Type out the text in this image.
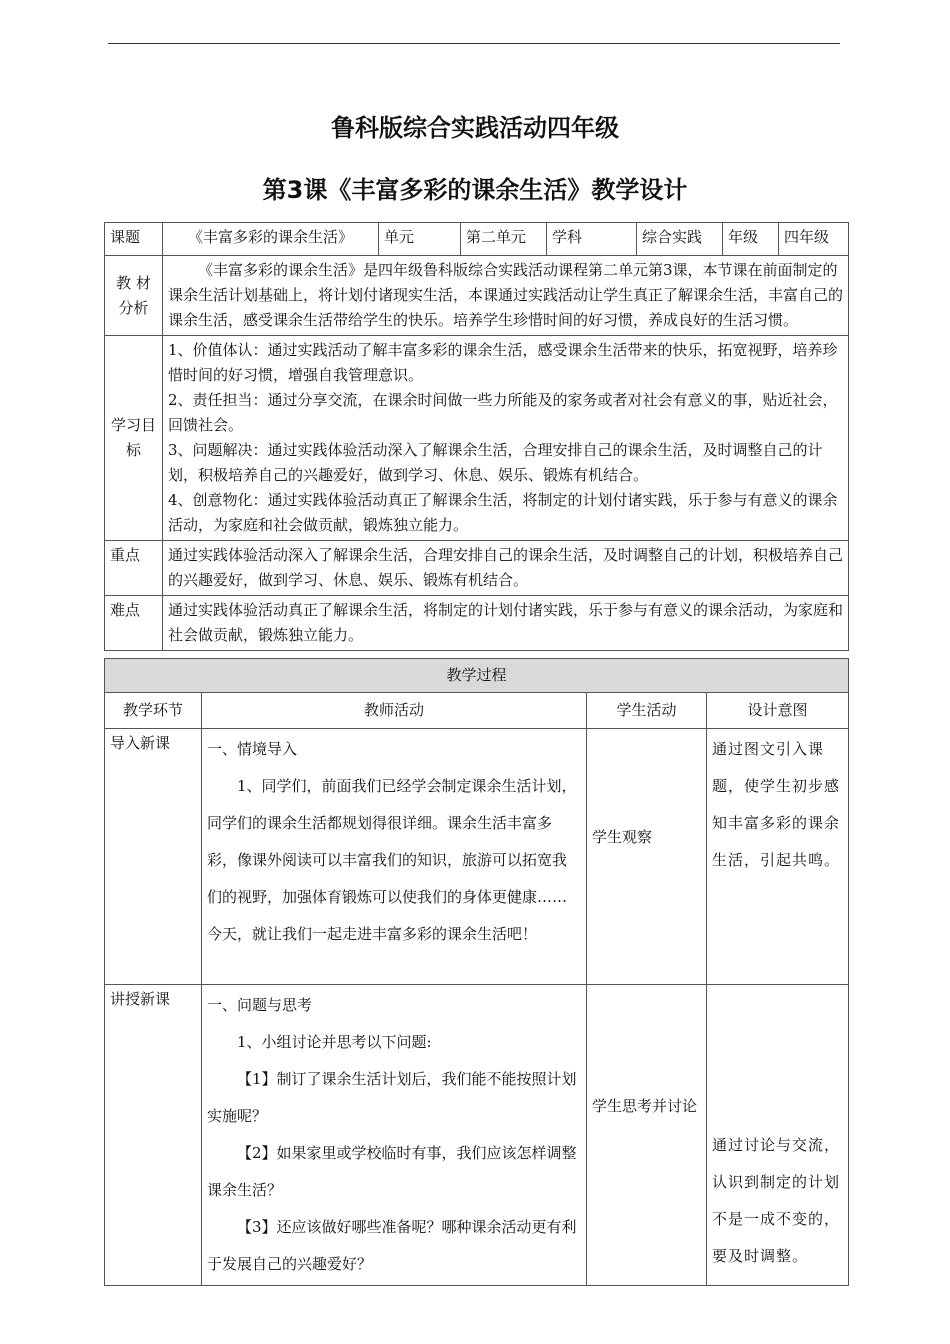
鲁科版综合实践活动四年级
第3课《丰富多彩的课余生活》教学设计
课题	《丰富多彩的课余生活》	单元	第二单元	学科	综合实践	年级	四年级
教 材分析	《丰富多彩的课余生活》是四年级鲁科版综合实践活动课程第二单元第3课，本节课在前面制定的课余生活计划基础上，将计划付诸现实生活，本课通过实践活动让学生真正了解课余生活，丰富自己的课余生活，感受课余生活带给学生的快乐。培养学生珍惜时间的好习惯，养成良好的生活习惯。						
学习目标	1、价值体认：通过实践活动了解丰富多彩的课余生活，感受课余生活带来的快乐，拓宽视野，培养珍惜时间的好习惯，增强自我管理意识。
2、责任担当：通过分享交流，在课余时间做一些力所能及的家务或者对社会有意义的事，贴近社会，回馈社会。
3、问题解决：通过实践体验活动深入了解课余生活，合理安排自己的课余生活，及时调整自己的计划，积极培养自己的兴趣爱好，做到学习、休息、娱乐、锻炼有机结合。
4、创意物化：通过实践体验活动真正了解课余生活，将制定的计划付诸实践，乐于参与有意义的课余活动，为家庭和社会做贡献，锻炼独立能力。						

重点	通过实践体验活动深入了解课余生活，合理安排自己的课余生活，及时调整自己的计划，积极培养自己的兴趣爱好，做到学习、休息、娱乐、锻炼有机结合。						
难点	通过实践体验活动真正了解课余生活，将制定的计划付诸实践，乐于参与有意义的课余活动，为家庭和社会做贡献，锻炼独立能力。						
教学过程			
教学环节	教师活动	学生活动	设计意图
导入新课	一、情境导入
1、同学们，前面我们已经学会制定课余生活计划，同学们的课余生活都规划得很详细。课余生活丰富多彩，像课外阅读可以丰富我们的知识，旅游可以拓宽我们的视野，加强体育锻炼可以使我们的身体更健康……今天，就让我们一起走进丰富多彩的课余生活吧！	学生观察	通过图文引入课题，使学生初步感知丰富多彩的课余生活，引起共鸣。
讲授新课	一、问题与思考
1、小组讨论并思考以下问题:
【1】制订了课余生活计划后，我们能不能按照计划实施呢？
【2】如果家里或学校临时有事，我们应该怎样调整课余生活？
【3】还应该做好哪些准备呢？哪种课余活动更有利于发展自己的兴趣爱好？	学生思考并讨论	通过讨论与交流，认识到制定的计划不是一成不变的，要及时调整。
